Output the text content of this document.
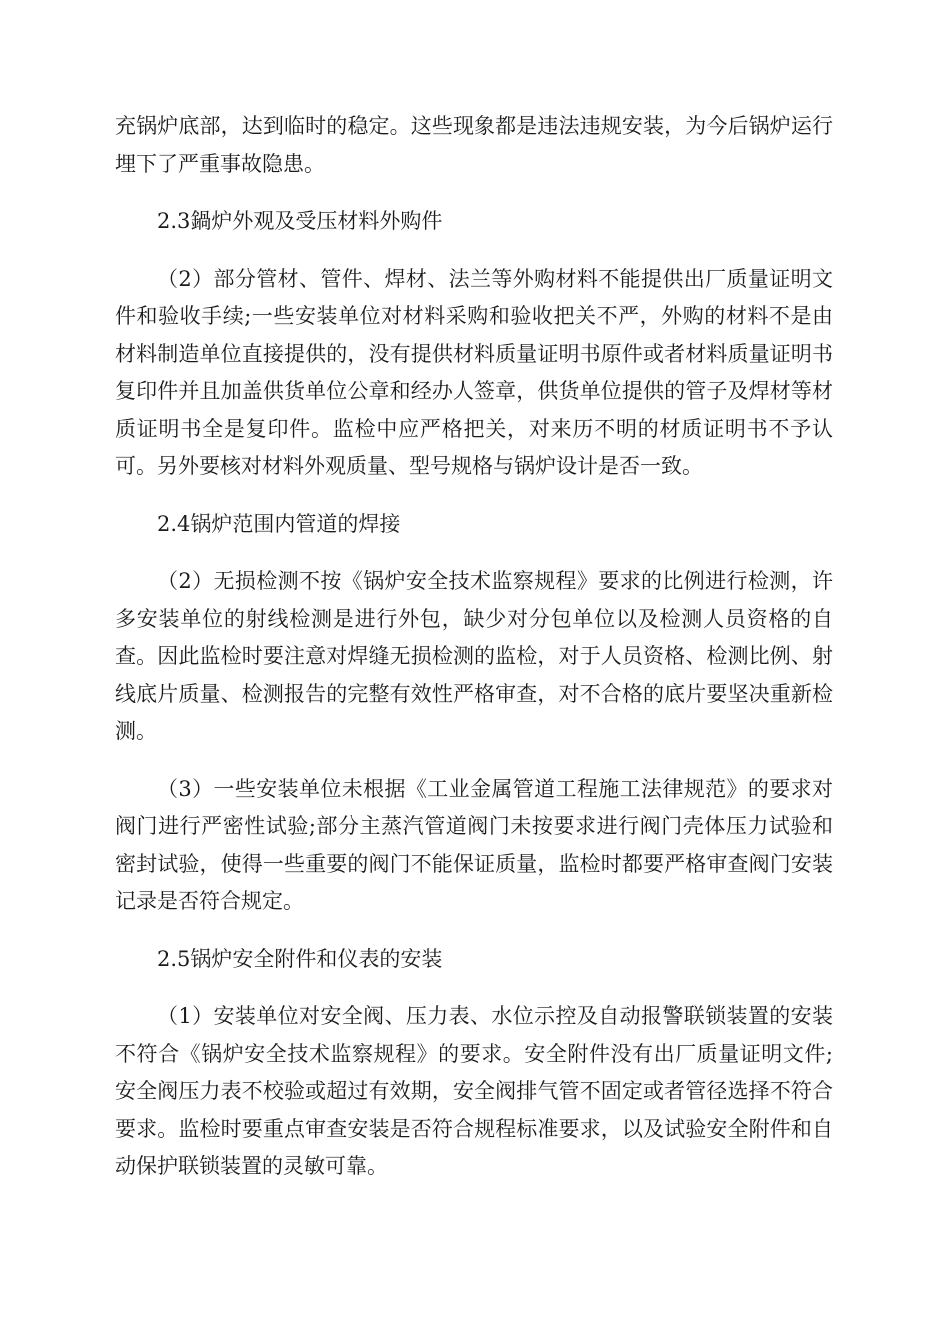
充锅炉底部，达到临时的稳定。这些现象都是违法违规安装，为今后锅炉运行埋下了严重事故隐患。

2.3鍋炉外观及受压材料外购件

（2）部分管材、管件、焊材、法兰等外购材料不能提供出厂质量证明文件和验收手续;一些安装单位对材料采购和验收把关不严，外购的材料不是由材料制造单位直接提供的，没有提供材料质量证明书原件或者材料质量证明书复印件并且加盖供货单位公章和经办人签章，供货单位提供的管子及焊材等材质证明书全是复印件。监检中应严格把关，对来历不明的材质证明书不予认可。另外要核对材料外观质量、型号规格与锅炉设计是否一致。

2.4锅炉范围内管道的焊接

（2）无损检测不按《锅炉安全技术监察规程》要求的比例进行检测，许多安装单位的射线检测是进行外包，缺少对分包单位以及检测人员资格的自查。因此监检时要注意对焊缝无损检测的监检，对于人员资格、检测比例、射线底片质量、检测报告的完整有效性严格审查，对不合格的底片要坚决重新检测。

（3）一些安装单位未根据《工业金属管道工程施工法律规范》的要求对阀门进行严密性试验;部分主蒸汽管道阀门未按要求进行阀门壳体压力试验和密封试验，使得一些重要的阀门不能保证质量，监检时都要严格审查阀门安装记录是否符合规定。

2.5锅炉安全附件和仪表的安装

（1）安装单位对安全阀、压力表、水位示控及自动报警联锁装置的安装不符合《锅炉安全技术监察规程》的要求。安全附件没有出厂质量证明文件;安全阀压力表不校验或超过有效期，安全阀排气管不固定或者管径选择不符合要求。监检时要重点审查安装是否符合规程标准要求，以及试验安全附件和自动保护联锁装置的灵敏可靠。
